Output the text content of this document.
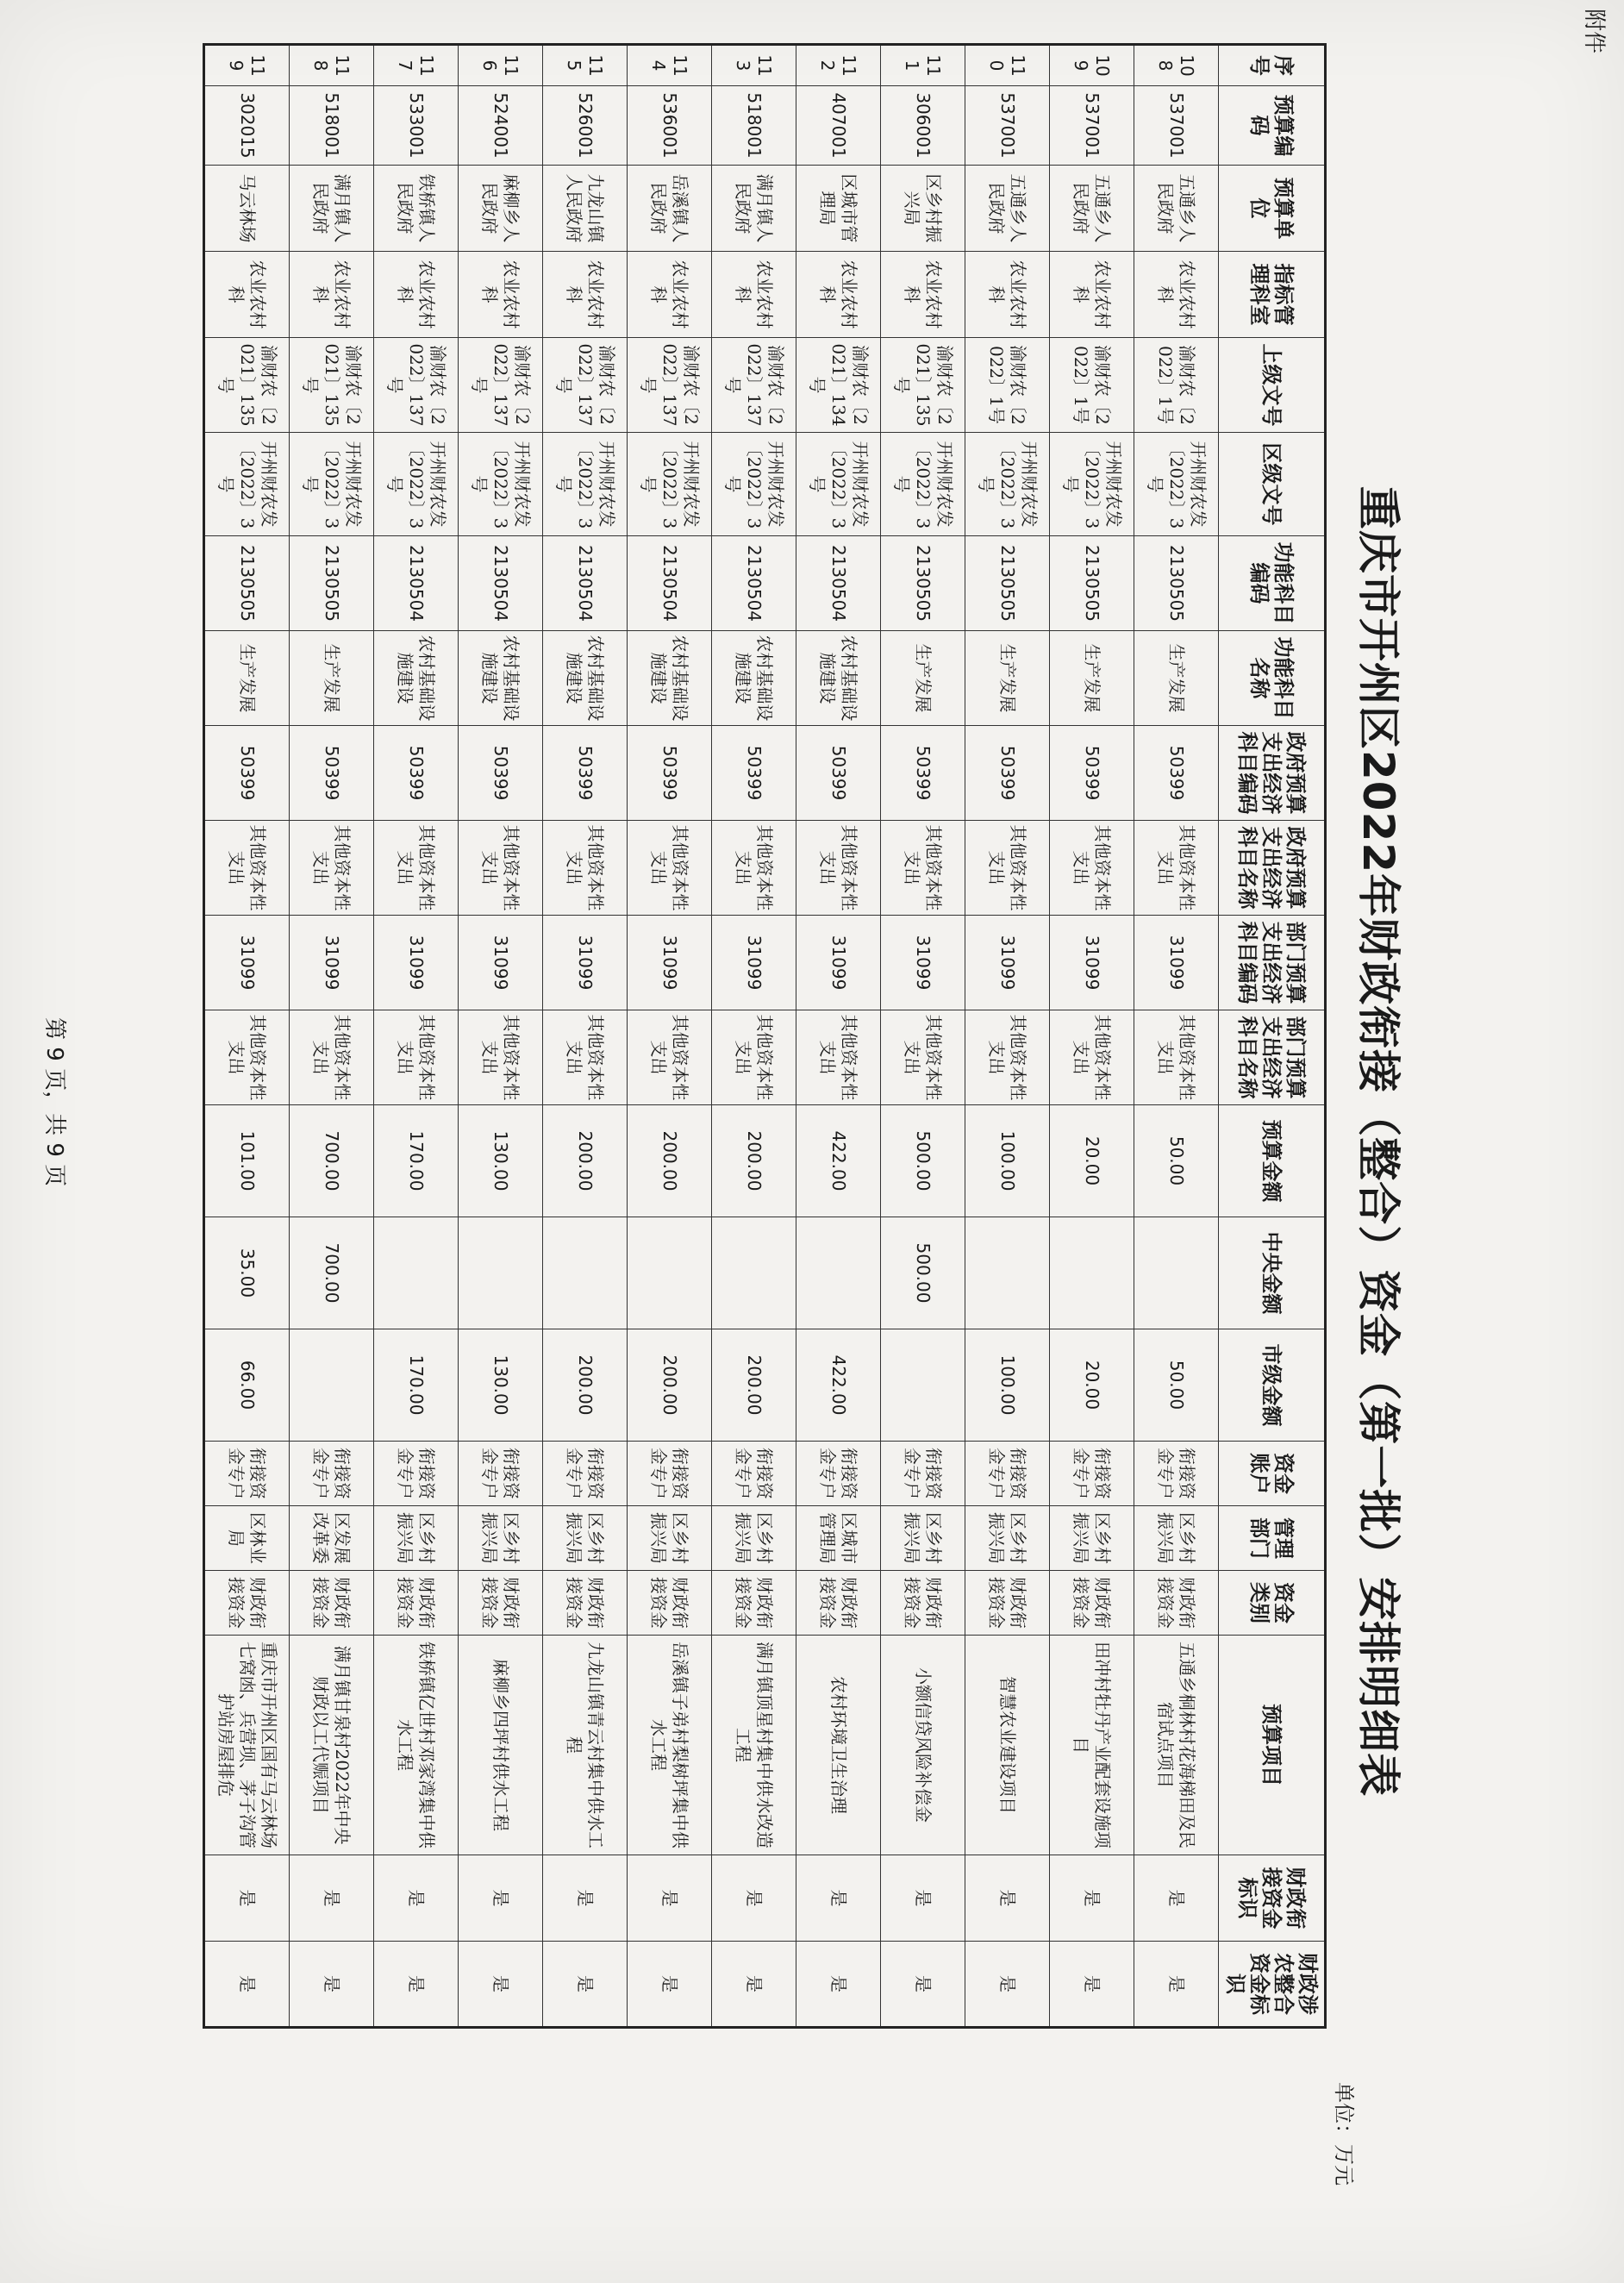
附件
重庆市开州区2022年财政衔接（整合）资金（第一批）安排明细表
单位：万元
序号	预算编码	预算单位	指标管理科室	上级文号	区级文号	功能科目编码	功能科目名称	政府预算支出经济科目编码	政府预算支出经济科目名称	部门预算支出经济科目编码	部门预算支出经济科目名称	预算金额	中央金额	市级金额	资金账户	管理部门	资金类别	预算项目	财政衔接资金标识	财政涉农整合资金标识
108	537001	五通乡人民政府	农业农村科	渝财农〔2022〕1号	开州财农发〔2022〕3号	2130505	生产发展	50399	其他资本性支出	31099	其他资本性支出	50.00		50.00	衔接资金专户	区乡村振兴局	财政衔接资金	五通乡桐林村花海梯田及民宿试点项目	是	是
109	537001	五通乡人民政府	农业农村科	渝财农〔2022〕1号	开州财农发〔2022〕3号	2130505	生产发展	50399	其他资本性支出	31099	其他资本性支出	20.00		20.00	衔接资金专户	区乡村振兴局	财政衔接资金	田冲村牡丹产业配套设施项目	是	是
110	537001	五通乡人民政府	农业农村科	渝财农〔2022〕1号	开州财农发〔2022〕3号	2130505	生产发展	50399	其他资本性支出	31099	其他资本性支出	100.00		100.00	衔接资金专户	区乡村振兴局	财政衔接资金	智慧农业建设项目	是	是
111	306001	区乡村振兴局	农业农村科	渝财农〔2021〕135号	开州财农发〔2022〕3号	2130505	生产发展	50399	其他资本性支出	31099	其他资本性支出	500.00	500.00		衔接资金专户	区乡村振兴局	财政衔接资金	小额信贷风险补偿金	是	是
112	407001	区城市管理局	农业农村科	渝财农〔2021〕134号	开州财农发〔2022〕3号	2130504	农村基础设施建设	50399	其他资本性支出	31099	其他资本性支出	422.00		422.00	衔接资金专户	区城市管理局	财政衔接资金	农村环境卫生治理	是	是
113	518001	满月镇人民政府	农业农村科	渝财农〔2022〕137号	开州财农发〔2022〕3号	2130504	农村基础设施建设	50399	其他资本性支出	31099	其他资本性支出	200.00		200.00	衔接资金专户	区乡村振兴局	财政衔接资金	满月镇顶星村集中供水改造工程	是	是
114	536001	岳溪镇人民政府	农业农村科	渝财农〔2022〕137号	开州财农发〔2022〕3号	2130504	农村基础设施建设	50399	其他资本性支出	31099	其他资本性支出	200.00		200.00	衔接资金专户	区乡村振兴局	财政衔接资金	岳溪镇子弟村梨树坪集中供水工程	是	是
115	526001	九龙山镇人民政府	农业农村科	渝财农〔2022〕137号	开州财农发〔2022〕3号	2130504	农村基础设施建设	50399	其他资本性支出	31099	其他资本性支出	200.00		200.00	衔接资金专户	区乡村振兴局	财政衔接资金	九龙山镇青云村集中供水工程	是	是
116	524001	麻柳乡人民政府	农业农村科	渝财农〔2022〕137号	开州财农发〔2022〕3号	2130504	农村基础设施建设	50399	其他资本性支出	31099	其他资本性支出	130.00		130.00	衔接资金专户	区乡村振兴局	财政衔接资金	麻柳乡四坪村供水工程	是	是
117	533001	铁桥镇人民政府	农业农村科	渝财农〔2022〕137号	开州财农发〔2022〕3号	2130504	农村基础设施建设	50399	其他资本性支出	31099	其他资本性支出	170.00		170.00	衔接资金专户	区乡村振兴局	财政衔接资金	铁桥镇亿世村邓家湾集中供水工程	是	是
118	518001	满月镇人民政府	农业农村科	渝财农〔2021〕135号	开州财农发〔2022〕3号	2130505	生产发展	50399	其他资本性支出	31099	其他资本性支出	700.00	700.00		衔接资金专户	区发展改革委	财政衔接资金	满月镇甘泉村2022年中央财政以工代赈项目	是	是
119	302015	马云林场	农业农村科	渝财农〔2021〕135号	开州财农发〔2022〕3号	2130505	生产发展	50399	其他资本性支出	31099	其他资本性支出	101.00	35.00	66.00	衔接资金专户	区林业局	财政衔接资金	重庆市开州区国有马云林场七窝凼、兵营坝、茅子沟管护站房屋排危	是	是
第 9 页，共 9 页
